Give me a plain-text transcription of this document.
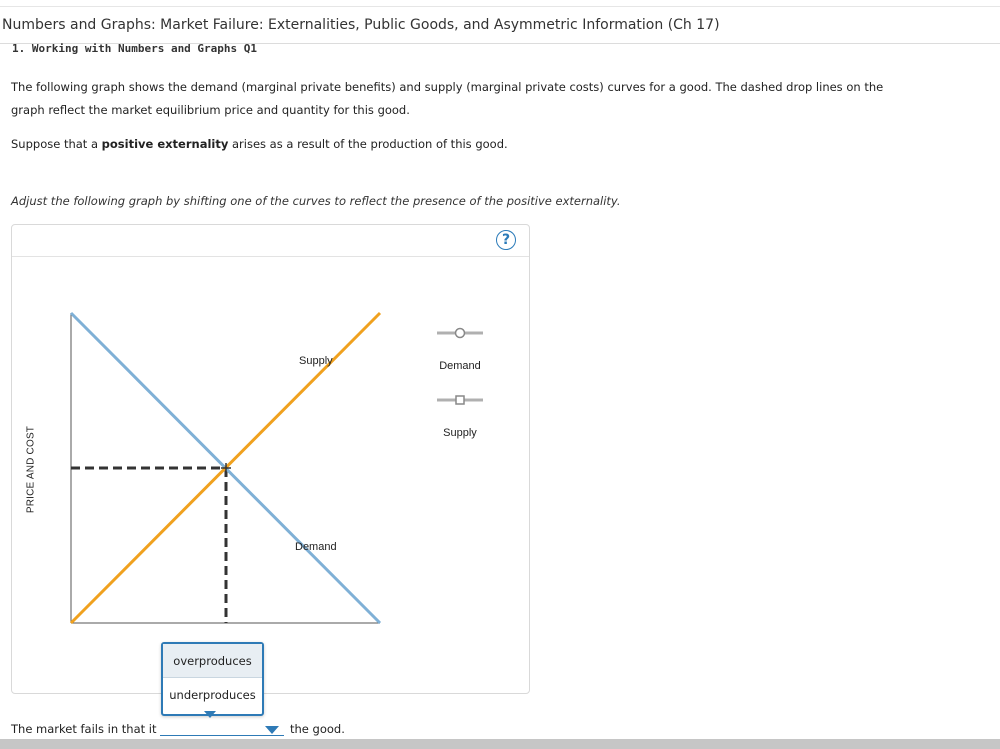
Numbers and Graphs: Market Failure: Externalities, Public Goods, and Asymmetric Information (Ch 17)
1. Working with Numbers and Graphs Q1
The following graph shows the demand (marginal private benefits) and supply (marginal private costs) curves for a good. The dashed drop lines on the
graph reflect the market equilibrium price and quantity for this good.
Suppose that a positive externality arises as a result of the production of this good.
Adjust the following graph by shifting one of the curves to reflect the presence of the positive externality.
?
PRICE AND COST
Supply
Demand
Demand
Supply
overproduces
underproduces
The market fails in that it	the good.
